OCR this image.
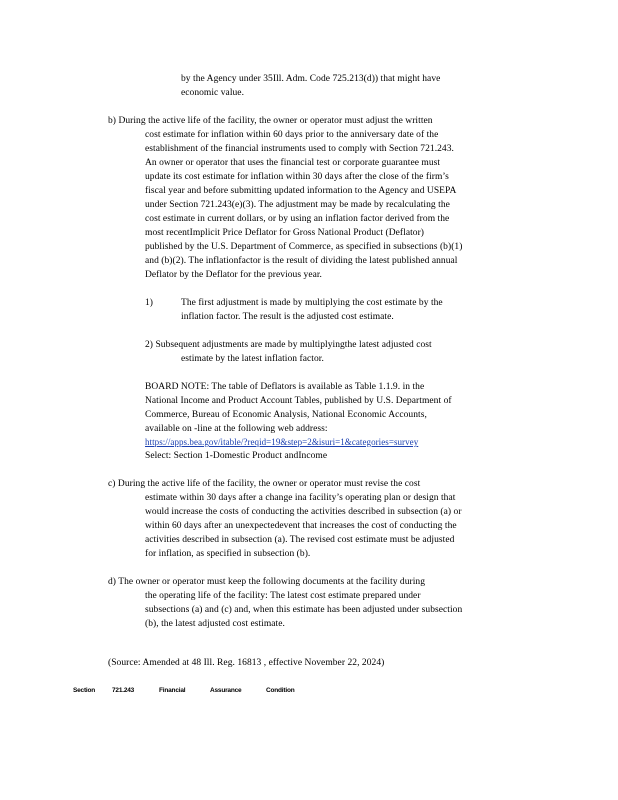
by the Agency under 35Ill. Adm. Code 725.213(d)) that might have
economic value.
b) During the active life of the facility, the owner or operator must adjust the written
cost estimate for inflation within 60 days prior to the anniversary date of the
establishment of the financial instruments used to comply with Section 721.243.
An owner or operator that uses the financial test or corporate guarantee must
update its cost estimate for inflation within 30 days after the close of the firm’s
fiscal year and before submitting updated information to the Agency and USEPA
under Section 721.243(e)(3). The adjustment may be made by recalculating the
cost estimate in current dollars, or by using an inflation factor derived from the
most recentImplicit Price Deflator for Gross National Product (Deflator)
published by the U.S. Department of Commerce, as specified in subsections (b)(1)
and (b)(2). The inflationfactor is the result of dividing the latest published annual
Deflator by the Deflator for the previous year.
1)	The first adjustment is made by multiplying the cost estimate by the
inflation factor. The result is the adjusted cost estimate.
2) Subsequent adjustments are made by multiplyingthe latest adjusted cost
estimate by the latest inflation factor.
BOARD NOTE: The table of Deflators is available as Table 1.1.9. in the
National Income and Product Account Tables, published by U.S. Department of
Commerce, Bureau of Economic Analysis, National Economic Accounts,
available on -line at the following web address:
https://apps.bea.gov/itable/?reqid=19&step=2&isuri=1&categories=survey
Select: Section 1-Domestic Product andIncome
c) During the active life of the facility, the owner or operator must revise the cost
estimate within 30 days after a change ina facility’s operating plan or design that
would increase the costs of conducting the activities described in subsection (a) or
within 60 days after an unexpectedevent that increases the cost of conducting the
activities described in subsection (a). The revised cost estimate must be adjusted
for inflation, as specified in subsection (b).
d) The owner or operator must keep the following documents at the facility during
the operating life of the facility: The latest cost estimate prepared under
subsections (a) and (c) and, when this estimate has been adjusted under subsection
(b), the latest adjusted cost estimate.
(Source: Amended at 48 Ill. Reg. 16813 , effective November 22, 2024)
Section	721.243	Financial	Assurance	Condition
